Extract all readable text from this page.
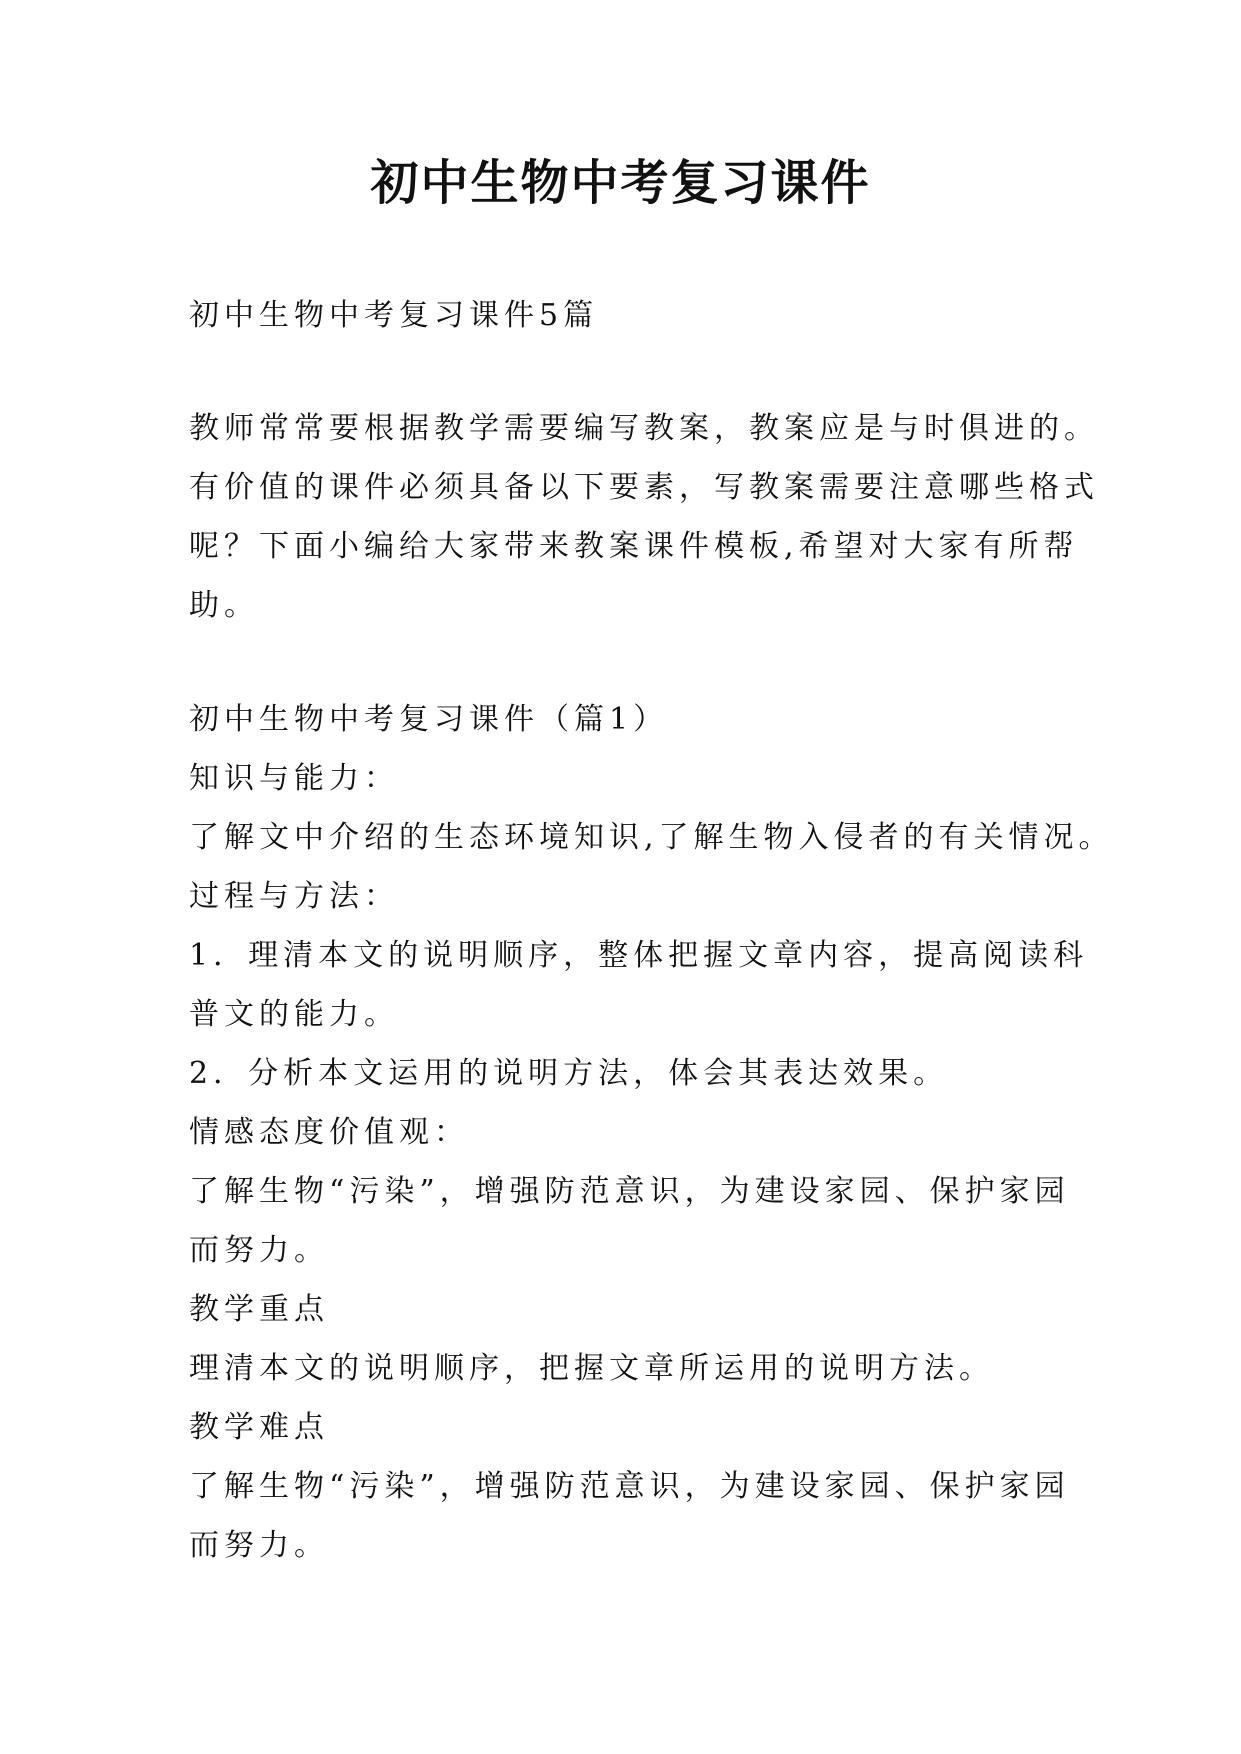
初中生物中考复习课件
初中生物中考复习课件5篇
教师常常要根据教学需要编写教案，教案应是与时俱进的。
有价值的课件必须具备以下要素，写教案需要注意哪些格式
呢？下面小编给大家带来教案课件模板,希望对大家有所帮
助。
初中生物中考复习课件（篇1）
知识与能力：
了解文中介绍的生态环境知识,了解生物入侵者的有关情况。
过程与方法：
1．理清本文的说明顺序，整体把握文章内容，提高阅读科
普文的能力。
2．分析本文运用的说明方法，体会其表达效果。
情感态度价值观：
了解生物“污染”，增强防范意识，为建设家园、保护家园
而努力。
教学重点
理清本文的说明顺序，把握文章所运用的说明方法。
教学难点
了解生物“污染”，增强防范意识，为建设家园、保护家园
而努力。
